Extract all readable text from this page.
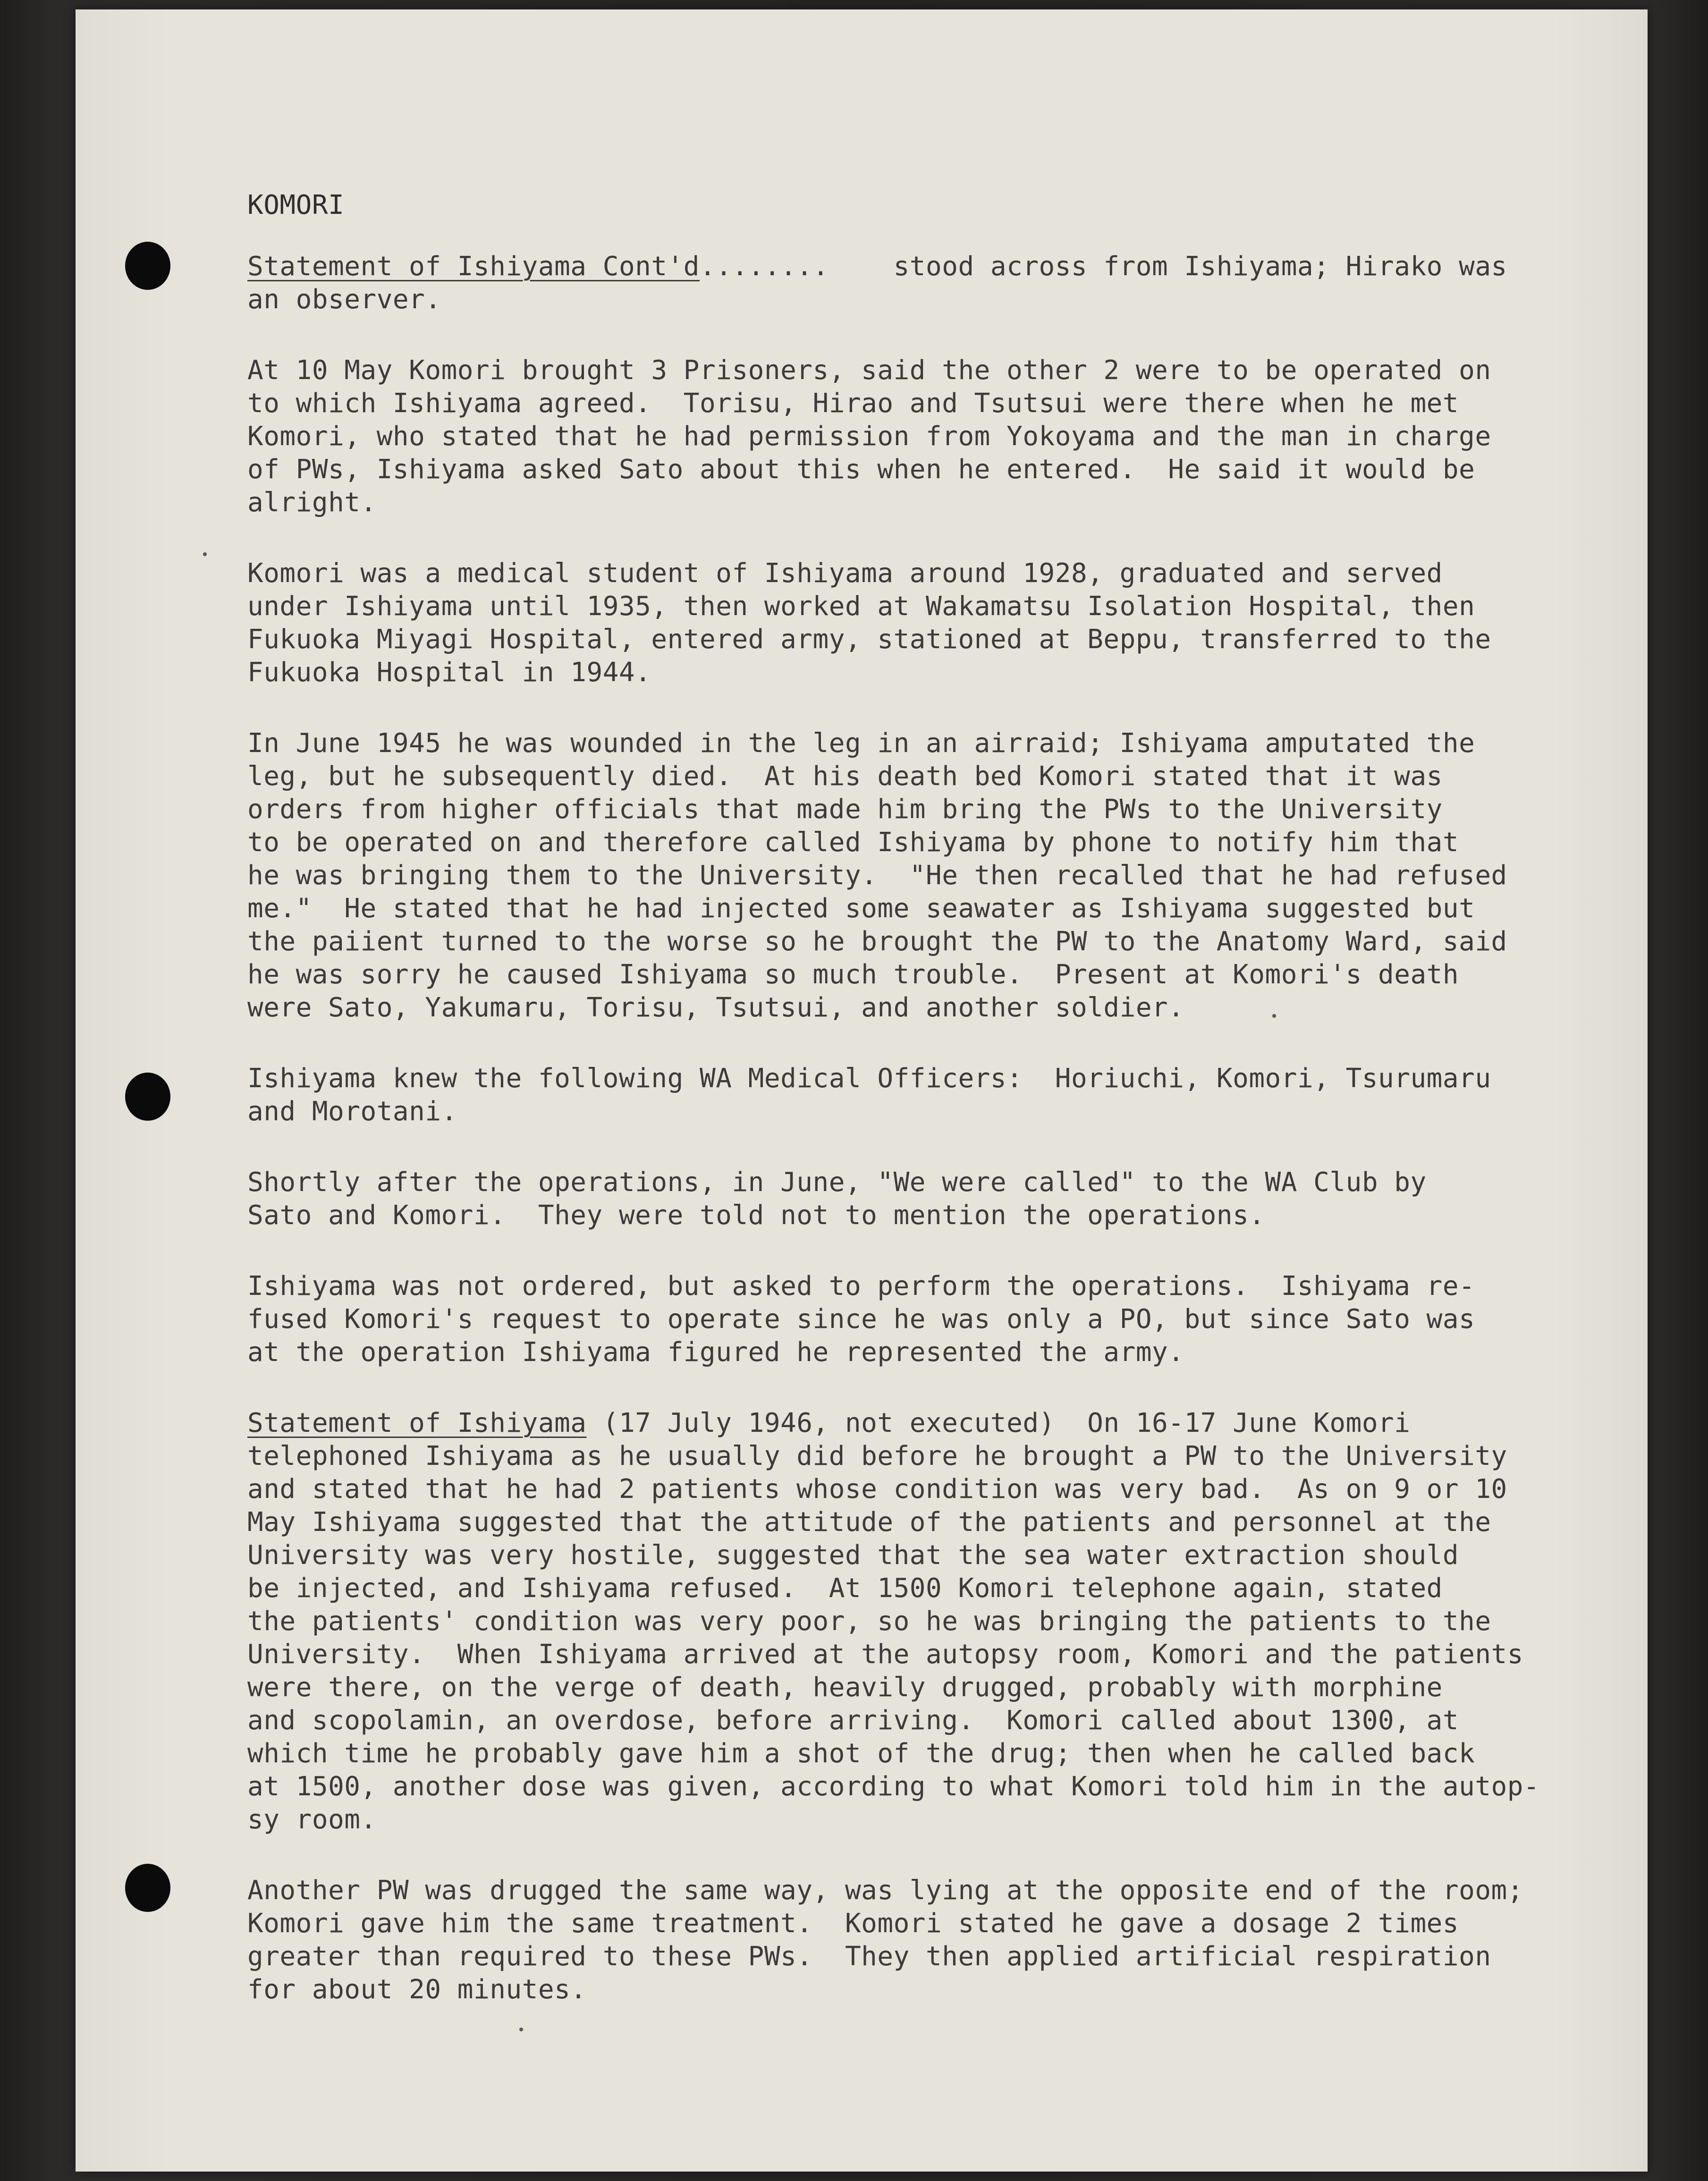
KOMORI
Statement of Ishiyama Cont'd........    stood across from Ishiyama; Hirako was
an observer.
At 10 May Komori brought 3 Prisoners, said the other 2 were to be operated on
to which Ishiyama agreed.  Torisu, Hirao and Tsutsui were there when he met
Komori, who stated that he had permission from Yokoyama and the man in charge
of PWs, Ishiyama asked Sato about this when he entered.  He said it would be
alright.
Komori was a medical student of Ishiyama around 1928, graduated and served
under Ishiyama until 1935, then worked at Wakamatsu Isolation Hospital, then
Fukuoka Miyagi Hospital, entered army, stationed at Beppu, transferred to the
Fukuoka Hospital in 1944.
In June 1945 he was wounded in the leg in an airraid; Ishiyama amputated the
leg, but he subsequently died.  At his death bed Komori stated that it was
orders from higher officials that made him bring the PWs to the University
to be operated on and therefore called Ishiyama by phone to notify him that
he was bringing them to the University.  "He then recalled that he had refused
me."  He stated that he had injected some seawater as Ishiyama suggested but
the paiient turned to the worse so he brought the PW to the Anatomy Ward, said
he was sorry he caused Ishiyama so much trouble.  Present at Komori's death
were Sato, Yakumaru, Torisu, Tsutsui, and another soldier.
Ishiyama knew the following WA Medical Officers:  Horiuchi, Komori, Tsurumaru
and Morotani.
Shortly after the operations, in June, "We were called" to the WA Club by
Sato and Komori.  They were told not to mention the operations.
Ishiyama was not ordered, but asked to perform the operations.  Ishiyama re-
fused Komori's request to operate since he was only a PO, but since Sato was
at the operation Ishiyama figured he represented the army.
Statement of Ishiyama (17 July 1946, not executed)  On 16-17 June Komori
telephoned Ishiyama as he usually did before he brought a PW to the University
and stated that he had 2 patients whose condition was very bad.  As on 9 or 10
May Ishiyama suggested that the attitude of the patients and personnel at the
University was very hostile, suggested that the sea water extraction should
be injected, and Ishiyama refused.  At 1500 Komori telephone again, stated
the patients' condition was very poor, so he was bringing the patients to the
University.  When Ishiyama arrived at the autopsy room, Komori and the patients
were there, on the verge of death, heavily drugged, probably with morphine
and scopolamin, an overdose, before arriving.  Komori called about 1300, at
which time he probably gave him a shot of the drug; then when he called back
at 1500, another dose was given, according to what Komori told him in the autop-
sy room.
Another PW was drugged the same way, was lying at the opposite end of the room;
Komori gave him the same treatment.  Komori stated he gave a dosage 2 times
greater than required to these PWs.  They then applied artificial respiration
for about 20 minutes.
